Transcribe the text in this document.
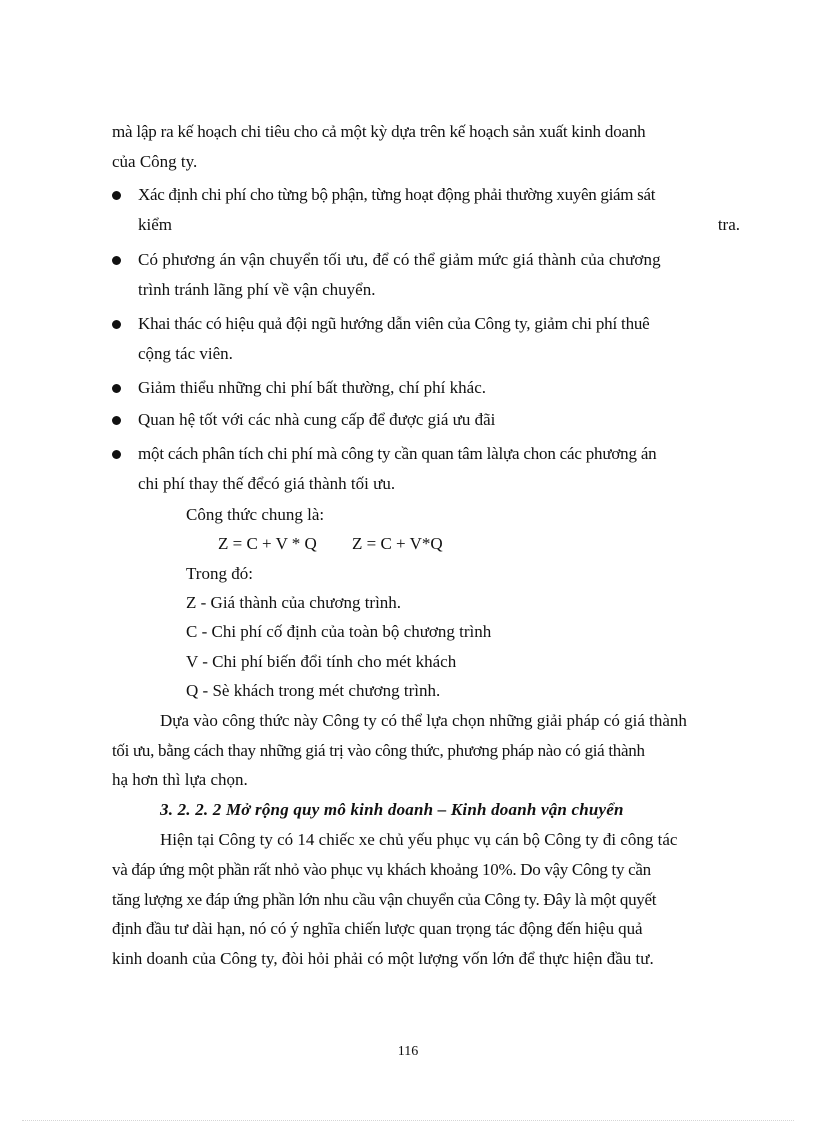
mà lập ra kế hoạch chi tiêu cho cả một kỳ dựa trên kế hoạch sản xuất kinh doanh
của Công ty.
Xác định chi phí cho từng bộ phận, từng hoạt động phải thường xuyên giám sát
kiểm	tra.
Có phương án vận chuyển tối ưu, để có thể giảm mức giá thành của chương
trình tránh lãng phí về vận chuyển.
Khai thác có hiệu quả đội ngũ hướng dẫn viên của Công ty, giảm chi phí thuê
cộng tác viên.
Giảm thiểu những chi phí bất thường, chí phí khác.
Quan hệ tốt với các nhà cung cấp để được giá ưu đãi
một cách phân tích chi phí mà công ty cần quan tâm làlựa chon các phương án
chi phí thay thế đểcó giá thành tối ưu.
Công thức chung là:
Z = C + V * Q Z = C + V*Q
Trong đó:
Z - Giá thành của chương trình.
C - Chi phí cố định của toàn bộ chương trình
V - Chi phí biến đổi tính cho mét khách
Q - Sè khách trong mét chương trình.
Dựa vào công thức này Công ty có thể lựa chọn những giải pháp có giá thành
tối ưu, bằng cách thay những giá trị vào công thức, phương pháp nào có giá thành
hạ hơn thì lựa chọn.
3. 2. 2. 2 Mở rộng quy mô kinh doanh – Kinh doanh vận chuyển
Hiện tại Công ty có 14 chiếc xe chủ yếu phục vụ cán bộ Công ty đi công tác
và đáp ứng một phần rất nhỏ vào phục vụ khách khoảng 10%. Do vậy Công ty cần
tăng lượng xe đáp ứng phần lớn nhu cầu vận chuyển của Công ty. Đây là một quyết
định đầu tư dài hạn, nó có ý nghĩa chiến lược quan trọng tác động đến hiệu quả
kinh doanh của Công ty, đòi hỏi phải có một lượng vốn lớn để thực hiện đầu tư.
116
